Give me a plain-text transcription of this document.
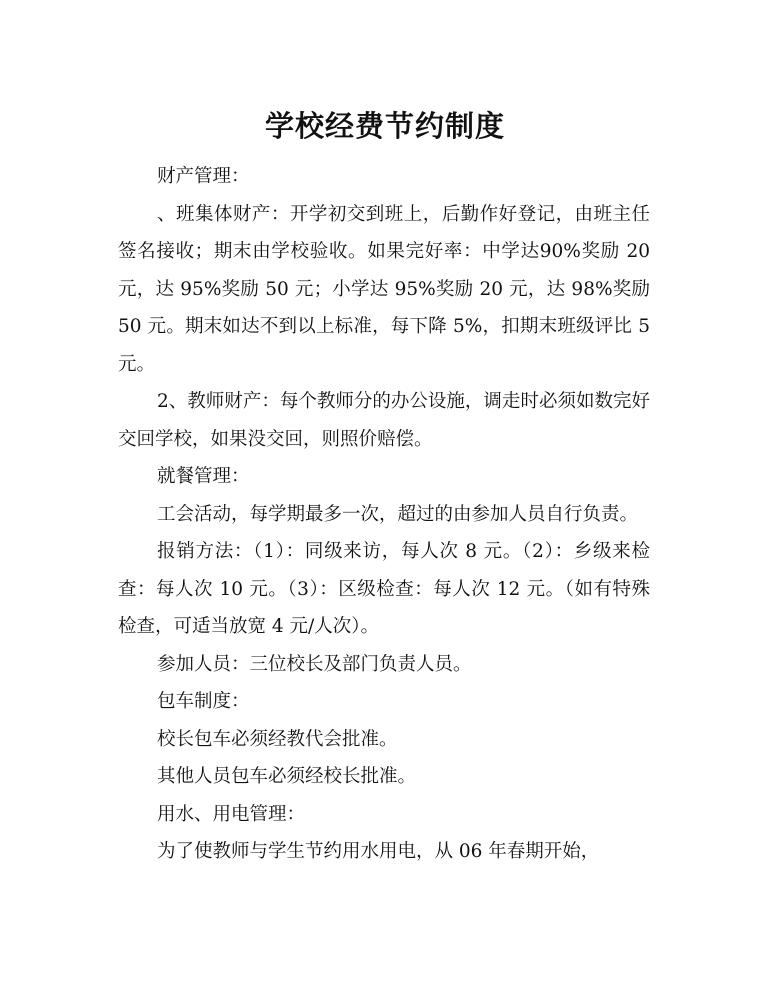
学校经费节约制度

财产管理：

、班集体财产：开学初交到班上，后勤作好登记，由班主任签名接收；期末由学校验收。如果完好率：中学达90%奖励 20 元，达 95%奖励 50 元；小学达 95%奖励 20 元，达 98%奖励 50 元。期末如达不到以上标准，每下降 5%，扣期末班级评比 5 元。

2、教师财产：每个教师分的办公设施，调走时必须如数完好交回学校，如果没交回，则照价赔偿。

就餐管理：

工会活动，每学期最多一次，超过的由参加人员自行负责。

报销方法：（1）：同级来访，每人次 8 元。（2）：乡级来检查：每人次 10 元。（3）：区级检查：每人次 12 元。（如有特殊检查，可适当放宽 4 元/人次）。

参加人员：三位校长及部门负责人员。

包车制度：

校长包车必须经教代会批准。

其他人员包车必须经校长批准。

用水、用电管理：

为了使教师与学生节约用水用电，从 06 年春期开始，
